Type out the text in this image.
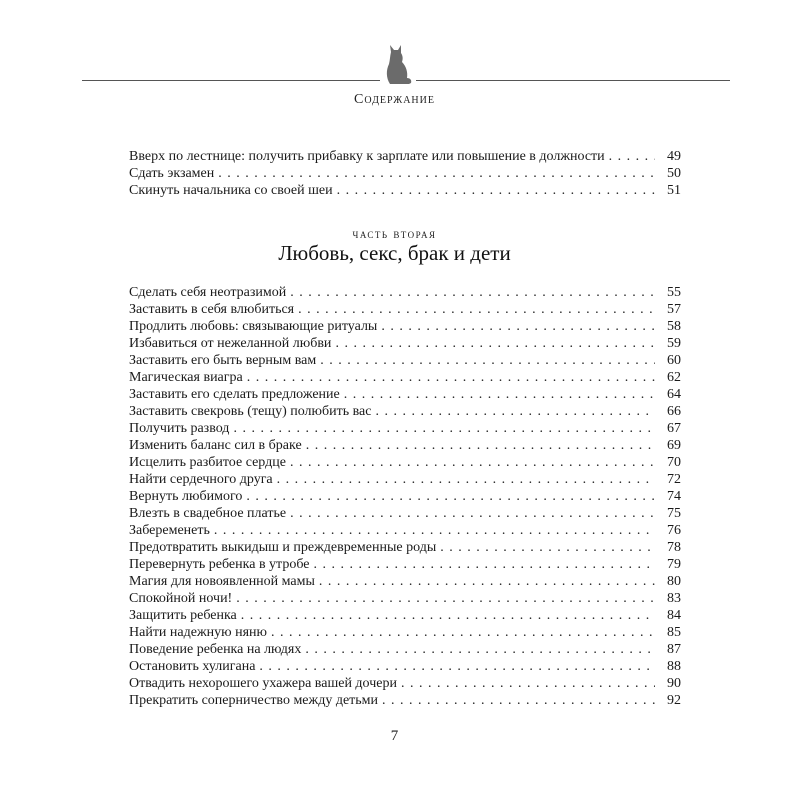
Содержание
Вверх по лестнице: получить прибавку к зарплате или повышение в должности . . .	49
Сдать экзамен . . .	50
Скинуть начальника со своей шеи . . .	51
часть вторая
Любовь, секс, брак и дети
Сделать себя неотразимой . . .	55
Заставить в себя влюбиться . . .	57
Продлить любовь: связывающие ритуалы . . .	58
Избавиться от нежеланной любви . . .	59
Заставить его быть верным вам . . .	60
Магическая виагра . . .	62
Заставить его сделать предложение . . .	64
Заставить свекровь (тещу) полюбить вас . . .	66
Получить развод . . .	67
Изменить баланс сил в браке . . .	69
Исцелить разбитое сердце . . .	70
Найти сердечного друга . . .	72
Вернуть любимого . . .	74
Влезть в свадебное платье . . .	75
Забеременеть . . .	76
Предотвратить выкидыш и преждевременные роды . . .	78
Перевернуть ребенка в утробе . . .	79
Магия для новоявленной мамы . . .	80
Спокойной ночи! . . .	83
Защитить ребенка . . .	84
Найти надежную няню . . .	85
Поведение ребенка на людях . . .	87
Остановить хулигана . . .	88
Отвадить нехорошего ухажера вашей дочери . . .	90
Прекратить соперничество между детьми . . .	92
7
